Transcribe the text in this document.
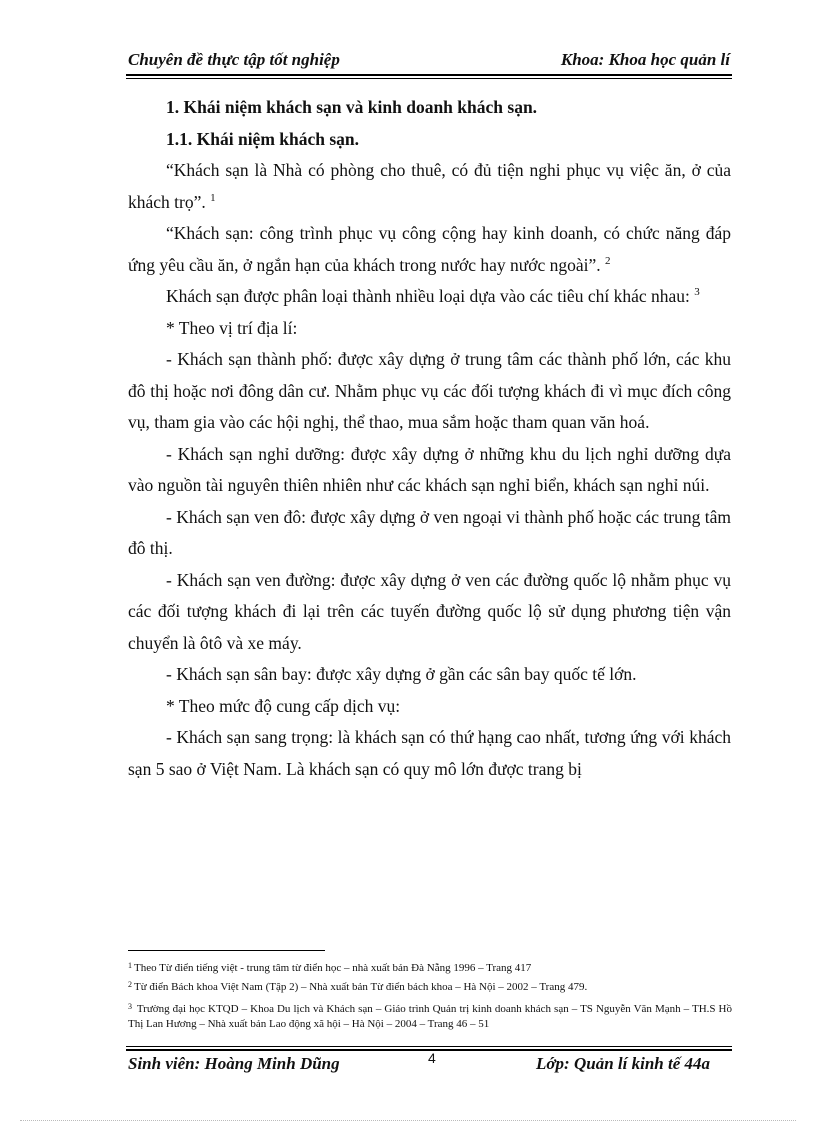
Chuyên đề thực tập tốt nghiệp	Khoa: Khoa học quản lí

1. Khái niệm khách sạn và kinh doanh khách sạn.

1.1. Khái niệm khách sạn.

“Khách sạn là Nhà có phòng cho thuê, có đủ tiện nghi phục vụ việc ăn, ở của khách trọ”. $^1$

“Khách sạn: công trình phục vụ công cộng hay kinh doanh, có chức năng đáp ứng yêu cầu ăn, ở ngắn hạn của khách trong nước hay nước ngoài”. $^2$

Khách sạn được phân loại thành nhiều loại dựa vào các tiêu chí khác nhau: $^3$

* Theo vị trí địa lí:

- Khách sạn thành phố: được xây dựng ở trung tâm các thành phố lớn, các khu đô thị hoặc nơi đông dân cư. Nhằm phục vụ các đối tượng khách đi vì mục đích công vụ, tham gia vào các hội nghị, thể thao, mua sắm hoặc tham quan văn hoá.

- Khách sạn nghỉ dưỡng: được xây dựng ở những khu du lịch nghỉ dưỡng dựa vào nguồn tài nguyên thiên nhiên như các khách sạn nghỉ biển, khách sạn nghỉ núi.

- Khách sạn ven đô: được xây dựng ở ven ngoại vi thành phố hoặc các trung tâm đô thị.

- Khách sạn ven đường: được xây dựng ở ven các đường quốc lộ nhằm phục vụ các đối tượng khách đi lại trên các tuyến đường quốc lộ sử dụng phương tiện vận chuyển là ôtô và xe máy.

- Khách sạn sân bay: được xây dựng ở gần các sân bay quốc tế lớn.

* Theo mức độ cung cấp dịch vụ:

- Khách sạn sang trọng: là khách sạn có thứ hạng cao nhất, tương ứng với khách sạn 5 sao ở Việt Nam. Là khách sạn có quy mô lớn được trang bị

$^1$ Theo Từ điển tiếng việt - trung tâm từ điển học – nhà xuất bản Đà Nẵng 1996 – Trang 417

$^2$ Từ điển Bách khoa Việt Nam (Tập 2) – Nhà xuất bản Từ điển bách khoa – Hà Nội – 2002 – Trang 479.

$^3$ Trường đại học KTQD – Khoa Du lịch và Khách sạn – Giáo trình Quản trị kinh doanh khách sạn – TS Nguyễn Văn Mạnh – TH.S Hồ Thị Lan Hương – Nhà xuất bản Lao động xã hội – Hà Nội – 2004 – Trang 46 – 51

Sinh viên: Hoàng Minh Dũng	4	Lớp: Quản lí kinh tế 44a
